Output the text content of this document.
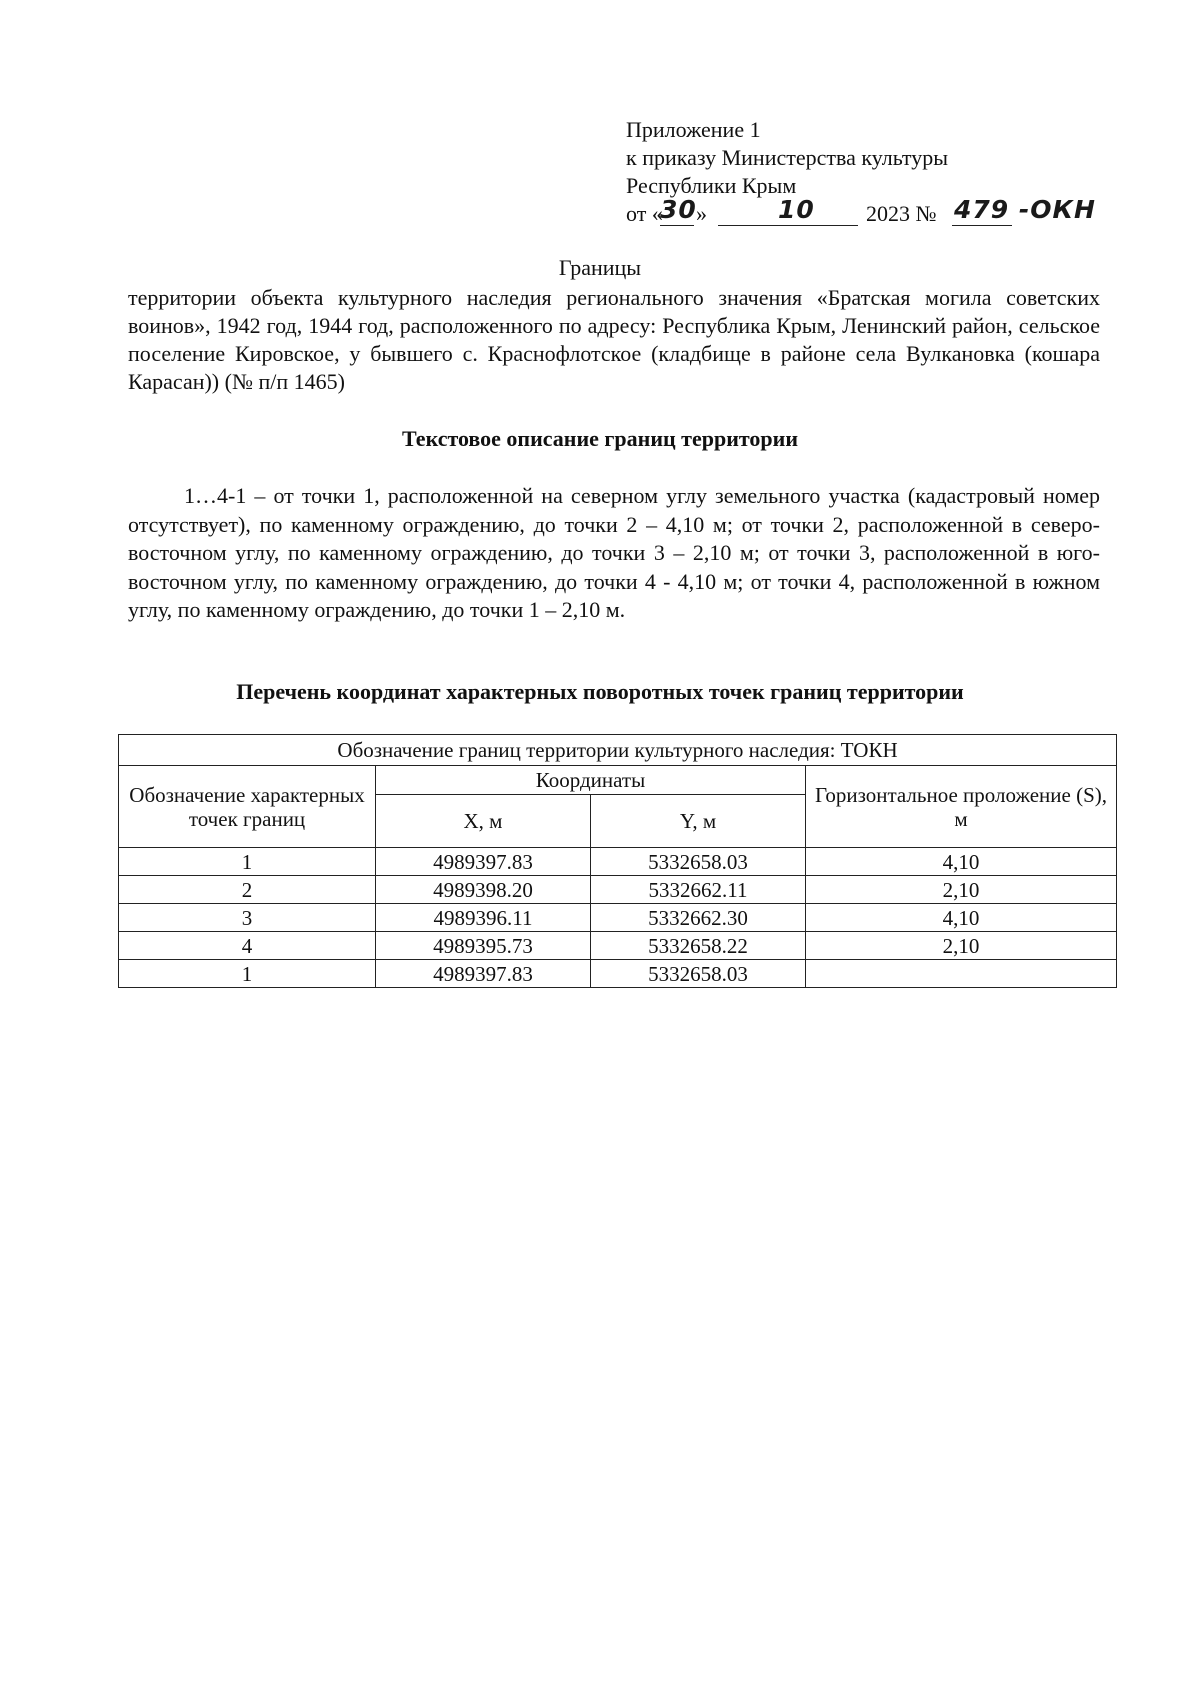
Приложение 1
к приказу Министерства культуры
Республики Крым
от «
30 »	10 2023 № 479 -ОКН
Границы
территории объекта культурного наследия регионального значения «Братская могила советских воинов», 1942 год, 1944 год, расположенного по адресу: Республика Крым, Ленинский район, сельское поселение Кировское, у бывшего с. Краснофлотское (кладбище в районе села Вулкановка (кошара Карасан)) (№ п/п 1465)
Текстовое описание границ территории
1…4-1 – от точки 1, расположенной на северном углу земельного участка (кадастровый номер отсутствует), по каменному ограждению, до точки 2 – 4,10 м; от точки 2, расположенной в северо-восточном углу, по каменному ограждению, до точки 3 – 2,10 м; от точки 3, расположенной в юго-восточном углу, по каменному ограждению, до точки 4 - 4,10 м; от точки 4, расположенной в южном углу, по каменному ограждению, до точки 1 – 2,10 м.
Перечень координат характерных поворотных точек границ территории
Обозначение границ территории культурного наследия: ТОКН			
Обозначение характерных точек границ	Координаты		Горизонтальное проложение (S), м
	X, м	Y, м	
1	4989397.83	5332658.03	4,10
2	4989398.20	5332662.11	2,10
3	4989396.11	5332662.30	4,10
4	4989395.73	5332658.22	2,10
1	4989397.83	5332658.03	
